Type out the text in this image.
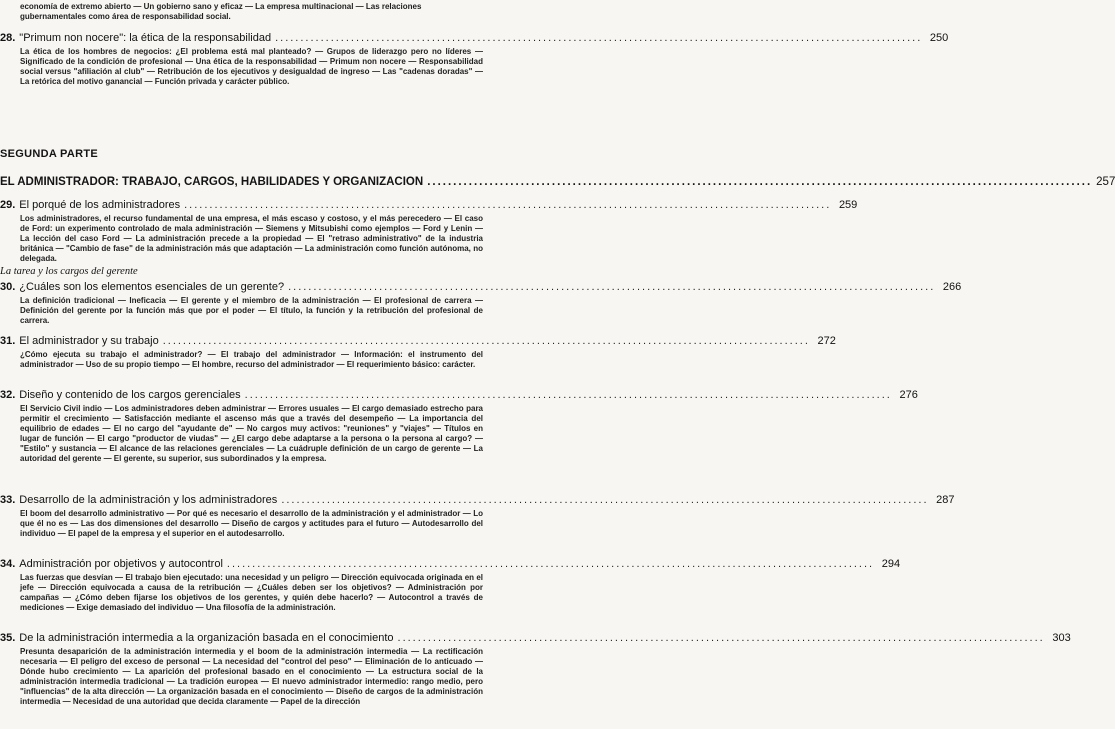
economía de extremo abierto — Un gobierno sano y eficaz — La empresa multinacional — Las relaciones gubernamentales como área de responsabilidad social.
28. "Primum non nocere": la ética de la responsabilidad ................................................................................................................................ 250
La ética de los hombres de negocios: ¿El problema está mal planteado? — Grupos de liderazgo pero no líderes — Significado de la condición de profesional — Una ética de la responsabilidad — Primum non nocere — Responsabilidad social versus "afiliación al club" — Retribución de los ejecutivos y desigualdad de ingreso — Las "cadenas doradas" — La retórica del motivo ganancial — Función privada y carácter público.
SEGUNDA PARTE
EL ADMINISTRADOR: TRABAJO, CARGOS, HABILIDADES Y ORGANIZACION ................................................................................................................................ 257
29. El porqué de los administradores ................................................................................................................................ 259
Los administradores, el recurso fundamental de una empresa, el más escaso y costoso, y el más perecedero — El caso de Ford: un experimento controlado de mala administración — Siemens y Mitsubishi como ejemplos — Ford y Lenin — La lección del caso Ford — La administración precede a la propiedad — El "retraso administrativo" de la industria británica — "Cambio de fase" de la administración más que adaptación — La administración como función autónoma, no delegada.
La tarea y los cargos del gerente
30. ¿Cuáles son los elementos esenciales de un gerente? ................................................................................................................................ 266
La definición tradicional — Ineficacia — El gerente y el miembro de la administración — El profesional de carrera — Definición del gerente por la función más que por el poder — El título, la función y la retribución del profesional de carrera.
31. El administrador y su trabajo ................................................................................................................................ 272
¿Cómo ejecuta su trabajo el administrador? — El trabajo del administrador — Información: el instrumento del administrador — Uso de su propio tiempo — El hombre, recurso del administrador — El requerimiento básico: carácter.
32. Diseño y contenido de los cargos gerenciales ................................................................................................................................ 276
El Servicio Civil indio — Los administradores deben administrar — Errores usuales — El cargo demasiado estrecho para permitir el crecimiento — Satisfacción mediante el ascenso más que a través del desempeño — La importancia del equilibrio de edades — El no cargo del "ayudante de" — No cargos muy activos: "reuniones" y "viajes" — Títulos en lugar de función — El cargo "productor de viudas" — ¿El cargo debe adaptarse a la persona o la persona al cargo? — "Estilo" y sustancia — El alcance de las relaciones gerenciales — La cuádruple definición de un cargo de gerente — La autoridad del gerente — El gerente, su superior, sus subordinados y la empresa.
33. Desarrollo de la administración y los administradores ................................................................................................................................ 287
El boom del desarrollo administrativo — Por qué es necesario el desarrollo de la administración y el administrador — Lo que él no es — Las dos dimensiones del desarrollo — Diseño de cargos y actitudes para el futuro — Autodesarrollo del individuo — El papel de la empresa y el superior en el autodesarrollo.
34. Administración por objetivos y autocontrol ................................................................................................................................ 294
Las fuerzas que desvían — El trabajo bien ejecutado: una necesidad y un peligro — Dirección equivocada originada en el jefe — Dirección equivocada a causa de la retribución — ¿Cuáles deben ser los objetivos? — Administración por campañas — ¿Cómo deben fijarse los objetivos de los gerentes, y quién debe hacerlo? — Autocontrol a través de mediciones — Exige demasiado del individuo — Una filosofía de la administración.
35. De la administración intermedia a la organización basada en el conocimiento ................................................................................................................................ 303
Presunta desaparición de la administración intermedia y el boom de la administración intermedia — La rectificación necesaria — El peligro del exceso de personal — La necesidad del "control del peso" — Eliminación de lo anticuado — Dónde hubo crecimiento — La aparición del profesional basado en el conocimiento — La estructura social de la administración intermedia tradicional — La tradición europea — El nuevo administrador intermedio: rango medio, pero "influencias" de la alta dirección — La organización basada en el conocimiento — Diseño de cargos de la administración intermedia — Necesidad de una autoridad que decida claramente — Papel de la dirección
